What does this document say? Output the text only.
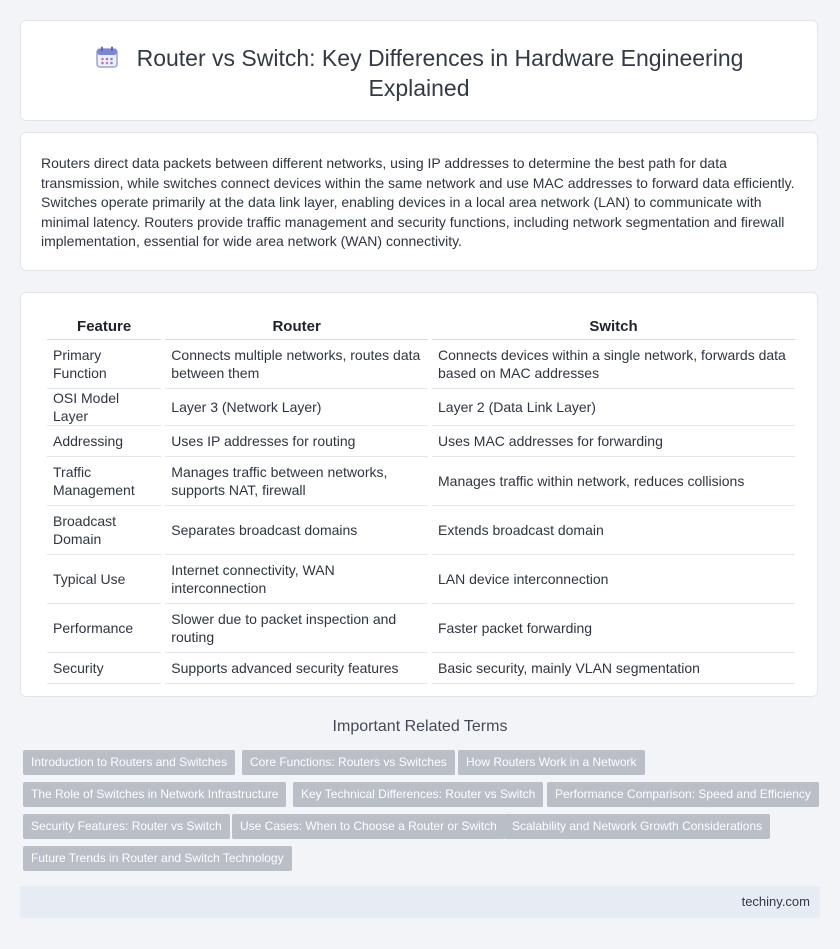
Router vs Switch: Key Differences in Hardware Engineering Explained

Routers direct data packets between different networks, using IP addresses to determine the best path for data transmission, while switches connect devices within the same network and use MAC addresses to forward data efficiently. Switches operate primarily at the data link layer, enabling devices in a local area network (LAN) to communicate with minimal latency. Routers provide traffic management and security functions, including network segmentation and firewall implementation, essential for wide area network (WAN) connectivity.

Feature	Router	Switch
Primary Function	Connects multiple networks, routes data between them	Connects devices within a single network, forwards data based on MAC addresses
OSI Model Layer	Layer 3 (Network Layer)	Layer 2 (Data Link Layer)
Addressing	Uses IP addresses for routing	Uses MAC addresses for forwarding
Traffic Management	Manages traffic between networks, supports NAT, firewall	Manages traffic within network, reduces collisions
Broadcast Domain	Separates broadcast domains	Extends broadcast domain
Typical Use	Internet connectivity, WAN interconnection	LAN device interconnection
Performance	Slower due to packet inspection and routing	Faster packet forwarding
Security	Supports advanced security features	Basic security, mainly VLAN segmentation
Important Related Terms
Introduction to Routers and Switches	Core Functions: Routers vs Switches	How Routers Work in a Network
The Role of Switches in Network Infrastructure	Key Technical Differences: Router vs Switch	Performance Comparison: Speed and Efficiency
Security Features: Router vs Switch	Use Cases: When to Choose a Router or Switch	Scalability and Network Growth Considerations
Future Trends in Router and Switch Technology
techiny.com
